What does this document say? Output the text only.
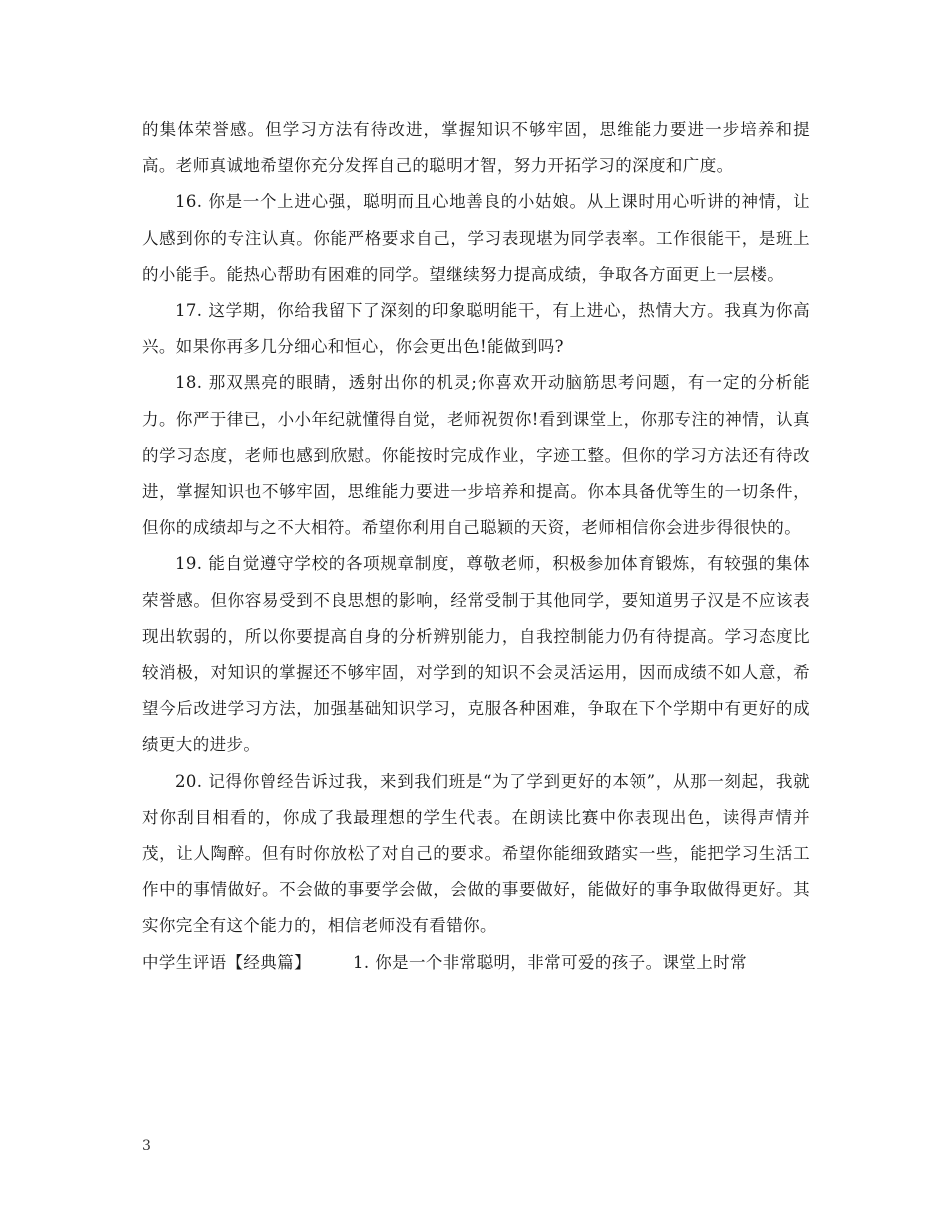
的集体荣誉感。但学习方法有待改进，掌握知识不够牢固，思维能力要进一步培养和提高。老师真诚地希望你充分发挥自己的聪明才智，努力开拓学习的深度和广度。

16. 你是一个上进心强，聪明而且心地善良的小姑娘。从上课时用心听讲的神情，让人感到你的专注认真。你能严格要求自己，学习表现堪为同学表率。工作很能干，是班上的小能手。能热心帮助有困难的同学。望继续努力提高成绩，争取各方面更上一层楼。

17. 这学期，你给我留下了深刻的印象聪明能干，有上进心，热情大方。我真为你高兴。如果你再多几分细心和恒心，你会更出色!能做到吗?

18. 那双黑亮的眼睛，透射出你的机灵;你喜欢开动脑筋思考问题，有一定的分析能力。你严于律已，小小年纪就懂得自觉，老师祝贺你!看到课堂上，你那专注的神情，认真的学习态度，老师也感到欣慰。你能按时完成作业，字迹工整。但你的学习方法还有待改进，掌握知识也不够牢固，思维能力要进一步培养和提高。你本具备优等生的一切条件，但你的成绩却与之不大相符。希望你利用自己聪颖的天资，老师相信你会进步得很快的。

19. 能自觉遵守学校的各项规章制度，尊敬老师，积极参加体育锻炼，有较强的集体荣誉感。但你容易受到不良思想的影响，经常受制于其他同学，要知道男子汉是不应该表现出软弱的，所以你要提高自身的分析辨别能力，自我控制能力仍有待提高。学习态度比较消极，对知识的掌握还不够牢固，对学到的知识不会灵活运用，因而成绩不如人意，希望今后改进学习方法，加强基础知识学习，克服各种困难，争取在下个学期中有更好的成绩更大的进步。

20. 记得你曾经告诉过我，来到我们班是“为了学到更好的本领”，从那一刻起，我就对你刮目相看的，你成了我最理想的学生代表。在朗读比赛中你表现出色，读得声情并茂，让人陶醉。但有时你放松了对自己的要求。希望你能细致踏实一些，能把学习生活工作中的事情做好。不会做的事要学会做，会做的事要做好，能做好的事争取做得更好。其实你完全有这个能力的，相信老师没有看错你。

中学生评语【经典篇】	1. 你是一个非常聪明，非常可爱的孩子。课堂上时常
3
